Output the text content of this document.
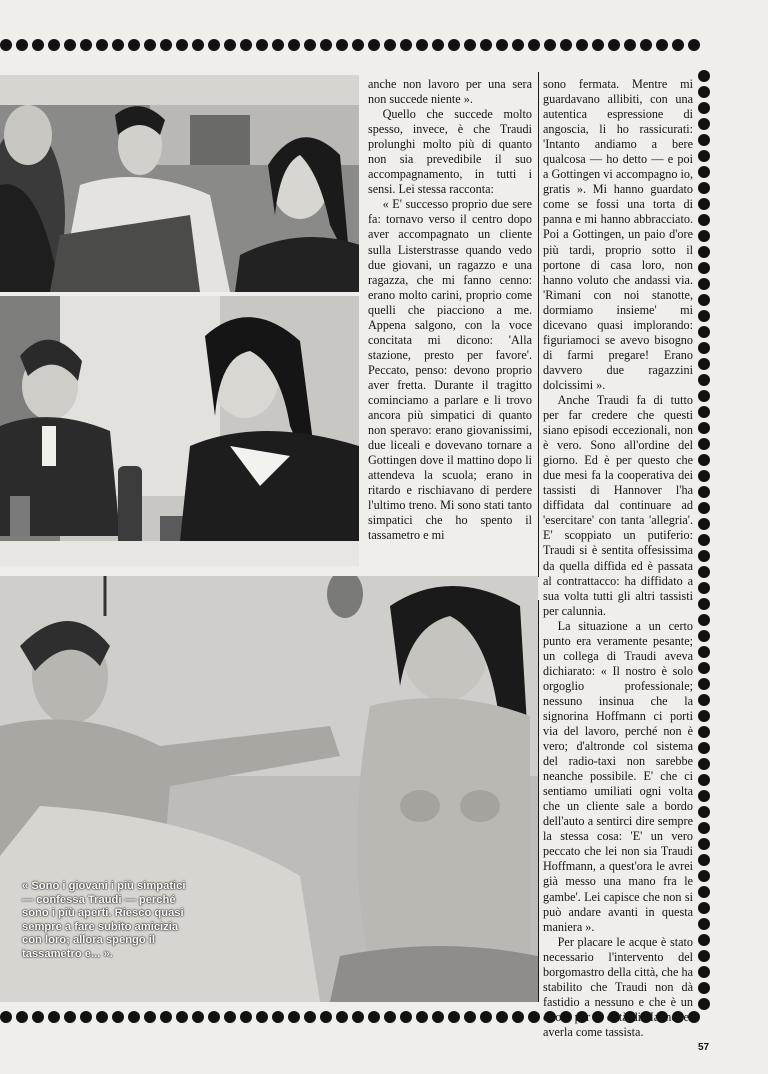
anche non lavoro per una sera non succede niente ».

Quello che succede molto spesso, invece, è che Traudi prolunghi molto più di quanto non sia prevedibile il suo accompagnamento, in tutti i sensi. Lei stessa racconta:

« E' successo proprio due sere fa: tornavo verso il centro dopo aver accompagnato un cliente sulla Listerstrasse quando vedo due giovani, un ragazzo e una ragazza, che mi fanno cenno: erano molto carini, proprio come quelli che piacciono a me. Appena salgono, con la voce concitata mi dicono: 'Alla stazione, presto per favore'. Peccato, penso: devono proprio aver fretta. Durante il tragitto cominciamo a parlare e li trovo ancora più simpatici di quanto non speravo: erano giovanissimi, due liceali e dovevano tornare a Gottingen dove il mattino dopo li attendeva la scuola; erano in ritardo e rischiavano di perdere l'ultimo treno. Mi sono stati tanto simpatici che ho spento il tassametro e mi

sono fermata. Mentre mi guardavano allibiti, con una autentica espressione di angoscia, li ho rassicurati: 'Intanto andiamo a bere qualcosa — ho detto — e poi a Gottingen vi accompagno io, gratis ». Mi hanno guardato come se fossi una torta di panna e mi hanno abbracciato. Poi a Gottingen, un paio d'ore più tardi, proprio sotto il portone di casa loro, non hanno voluto che andassi via. 'Rimani con noi stanotte, dormiamo insieme' mi dicevano quasi implorando: figuriamoci se avevo bisogno di farmi pregare! Erano davvero due ragazzini dolcissimi ».

Anche Traudi fa di tutto per far credere che questi siano episodi eccezionali, non è vero. Sono all'ordine del giorno. Ed è per questo che due mesi fa la cooperativa dei tassisti di Hannover l'ha diffidata dal continuare ad 'esercitare' con tanta 'allegria'. E' scoppiato un putiferio: Traudi si è sentita offesissima da quella diffida ed è passata al contrattacco: ha diffidato a sua volta tutti gli altri tassisti per calunnia.

La situazione a un certo punto era veramente pesante; un collega di Traudi aveva dichiarato: « Il nostro è solo orgoglio professionale; nessuno insinua che la signorina Hoffmann ci porti via del lavoro, perché non è vero; d'altronde col sistema del radio-taxi non sarebbe neanche possibile. E' che ci sentiamo umiliati ogni volta che un cliente sale a bordo dell'auto a sentirci dire sempre la stessa cosa: 'E' un vero peccato che lei non sia Traudi Hoffmann, a quest'ora le avrei già messo una mano fra le gambe'. Lei capisce che non si può andare avanti in questa maniera ».

Per placare le acque è stato necessario l'intervento del borgomastro della città, che ha stabilito che Traudi non dà fastidio a nessuno e che è un onore per la città di Hannover averla come tassista.

« Sono i giovani i più simpatici — confessa Traudi — perché sono i più aperti. Riesco quasi sempre a fare subito amicizia con loro; allora spengo il tassametro e... ».
57
